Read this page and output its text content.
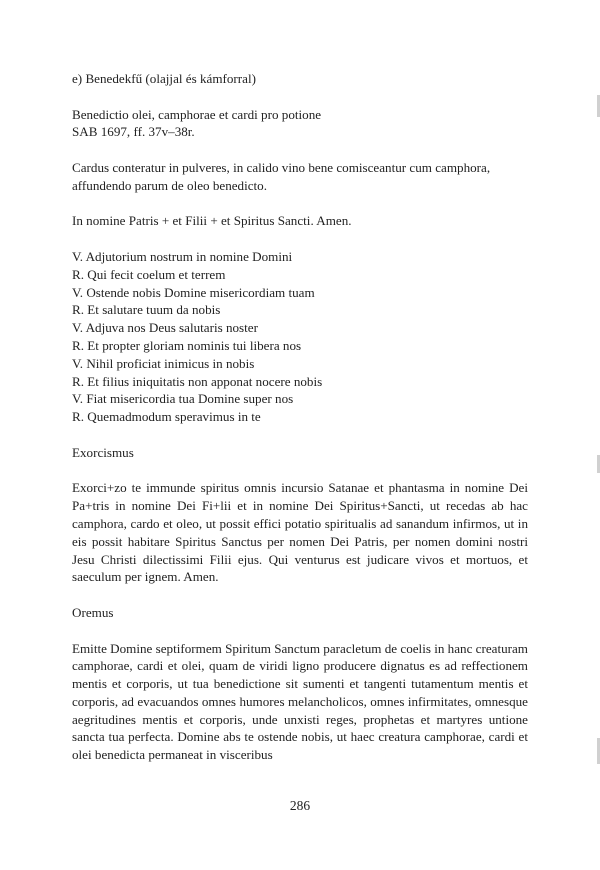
e) Benedekfű (olajjal és kámforral)

Benedictio olei, camphorae et cardi pro potione

SAB 1697, ff. 37v–38r.

Cardus conteratur in pulveres, in calido vino bene comisceantur cum camphora, affundendo parum de oleo benedicto.

In nomine Patris + et Filii + et Spiritus Sancti. Amen.

V. Adjutorium nostrum in nomine Domini
R. Qui fecit coelum et terrem
V. Ostende nobis Domine misericordiam tuam
R. Et salutare tuum da nobis
V. Adjuva nos Deus salutaris noster
R. Et propter gloriam nominis tui libera nos
V. Nihil proficiat inimicus in nobis
R. Et filius iniquitatis non apponat nocere nobis
V. Fiat misericordia tua Domine super nos
R. Quemadmodum speravimus in te

Exorcismus

Exorci+zo te immunde spiritus omnis incursio Satanae et phantasma in nomine Dei Pa+tris in nomine Dei Fi+lii et in nomine Dei Spiritus+Sancti, ut recedas ab hac camphora, cardo et oleo, ut possit effici potatio spiritualis ad sanandum infirmos, ut in eis possit habitare Spiritus Sanctus per nomen Dei Patris, per nomen domini nostri Jesu Christi dilectissimi Filii ejus. Qui venturus est judicare vivos et mortuos, et saeculum per ignem. Amen.

Oremus

Emitte Domine septiformem Spiritum Sanctum paracletum de coelis in hanc creaturam camphorae, cardi et olei, quam de viridi ligno producere dignatus es ad reffectionem mentis et corporis, ut tua benedictione sit sumenti et tangenti tutamentum mentis et corporis, ad evacuandos omnes humores melancholicos, omnes infirmitates, omnesque aegritudines mentis et corporis, unde unxisti reges, prophetas et martyres untione sancta tua perfecta. Domine abs te ostende nobis, ut haec creatura camphorae, cardi et olei benedicta permaneat in visceribus

286
